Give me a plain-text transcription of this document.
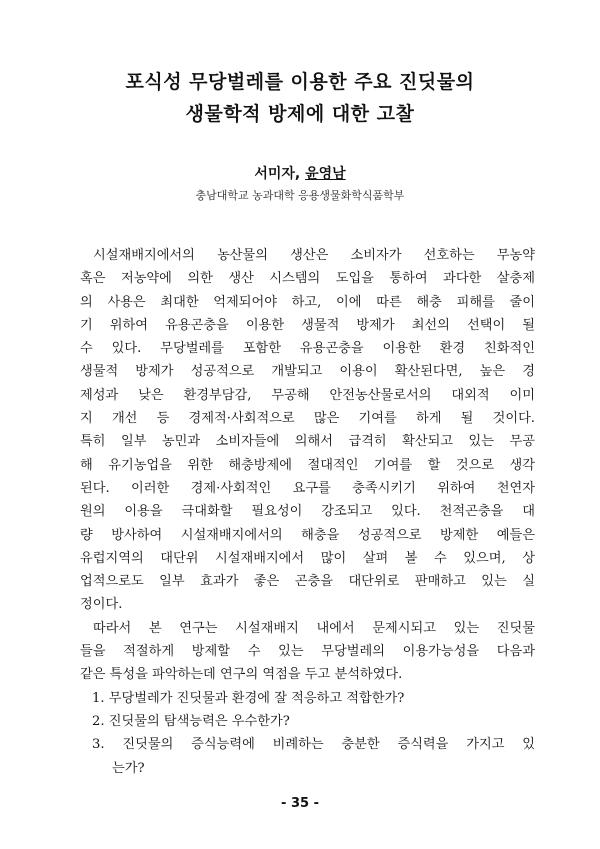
포식성 무당벌레를 이용한 주요 진딧물의
생물학적 방제에 대한 고찰
서미자, 윤영남
충남대학교 농과대학 응용생물화학식품학부
시설재배지에서의 농산물의 생산은 소비자가 선호하는 무농약
혹은 저농약에 의한 생산 시스템의 도입을 통하여 과다한 살충제
의 사용은 최대한 억제되어야 하고, 이에 따른 해충 피해를 줄이
기 위하여 유용곤충을 이용한 생물적 방제가 최선의 선택이 될
수 있다. 무당벌레를 포함한 유용곤충을 이용한 환경 친화적인
생물적 방제가 성공적으로 개발되고 이용이 확산된다면, 높은 경
제성과 낮은 환경부담감, 무공해 안전농산물로서의 대외적 이미
지 개선 등 경제적·사회적으로 많은 기여를 하게 될 것이다.
특히 일부 농민과 소비자들에 의해서 급격히 확산되고 있는 무공
해 유기농업을 위한 해충방제에 절대적인 기여를 할 것으로 생각
된다. 이러한 경제·사회적인 요구를 충족시키기 위하여 천연자
원의 이용을 극대화할 필요성이 강조되고 있다. 천적곤충을 대
량 방사하여 시설재배지에서의 해충을 성공적으로 방제한 예들은
유럽지역의 대단위 시설재배지에서 많이 살펴 볼 수 있으며, 상
업적으로도 일부 효과가 좋은 곤충을 대단위로 판매하고 있는 실
정이다.
따라서 본 연구는 시설재배지 내에서 문제시되고 있는 진딧물
들을 적절하게 방제할 수 있는 무당벌레의 이용가능성을 다음과
같은 특성을 파악하는데 연구의 역점을 두고 분석하였다.
1. 무당벌레가 진딧물과 환경에 잘 적응하고 적합한가?
2. 진딧물의 탐색능력은 우수한가?
3. 진딧물의 증식능력에 비례하는 충분한 증식력을 가지고 있
는가?
- 35 -
